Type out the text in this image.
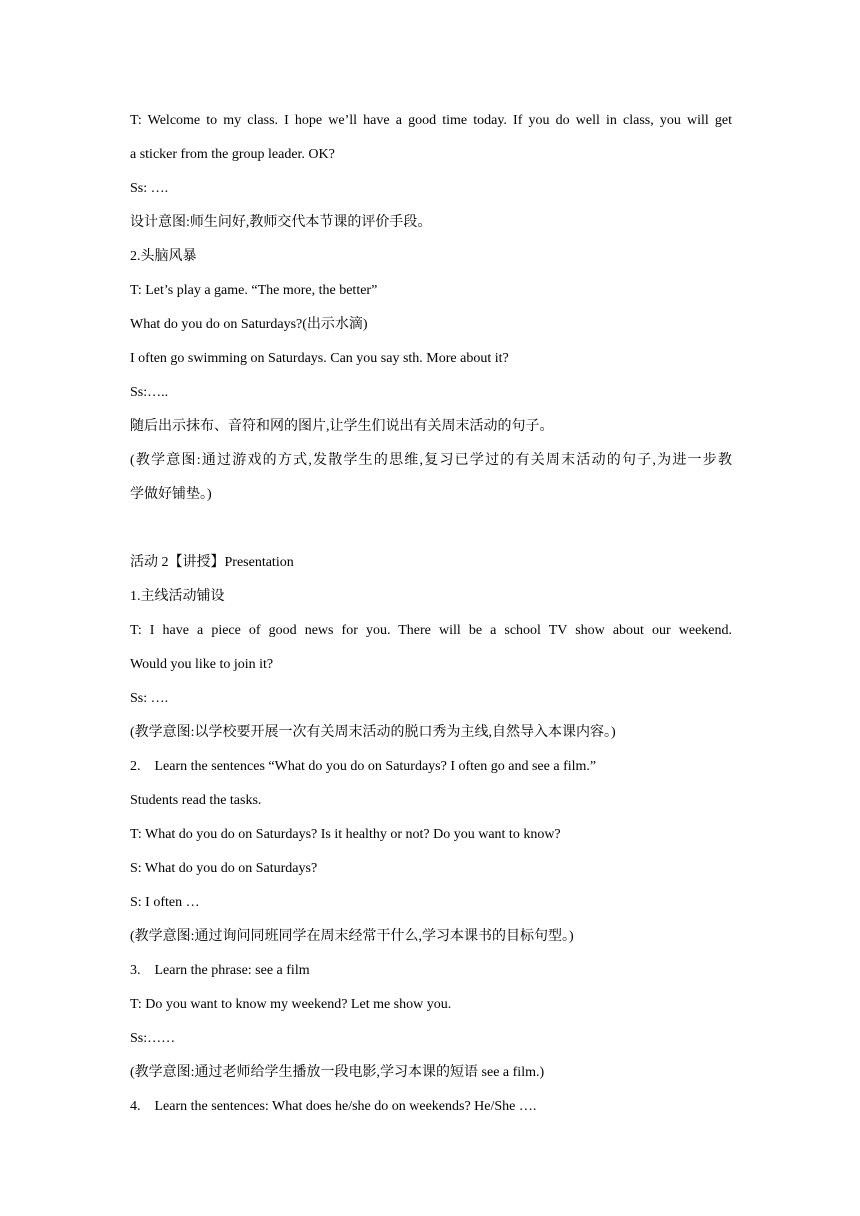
T: Welcome to my class. I hope we’ll have a good time today. If you do well in class, you will get

a sticker from the group leader. OK?

Ss: ….

设计意图:师生问好,教师交代本节课的评价手段。

2.头脑风暴

T: Let’s play a game. “The more, the better”

What do you do on Saturdays?(出示水滴)

I often go swimming on Saturdays. Can you say sth. More about it?

Ss:…..

随后出示抹布、音符和网的图片,让学生们说出有关周末活动的句子。

(教学意图:通过游戏的方式,发散学生的思维,复习已学过的有关周末活动的句子,为进一步教

学做好铺垫。)

活动 2【讲授】Presentation

1.主线活动铺设

T: I have a piece of good news for you. There will be a school TV show about our weekend.

Would you like to join it?

Ss: ….

(教学意图:以学校要开展一次有关周末活动的脱口秀为主线,自然导入本课内容。)

2.    Learn the sentences “What do you do on Saturdays? I often go and see a film.”

Students read the tasks.

T: What do you do on Saturdays? Is it healthy or not? Do you want to know?

S: What do you do on Saturdays?

S: I often …

(教学意图:通过询问同班同学在周末经常干什么,学习本课书的目标句型。)

3.    Learn the phrase: see a film

T: Do you want to know my weekend? Let me show you.

Ss:……

(教学意图:通过老师给学生播放一段电影,学习本课的短语 see a film.)

4.    Learn the sentences: What does he/she do on weekends? He/She ….
